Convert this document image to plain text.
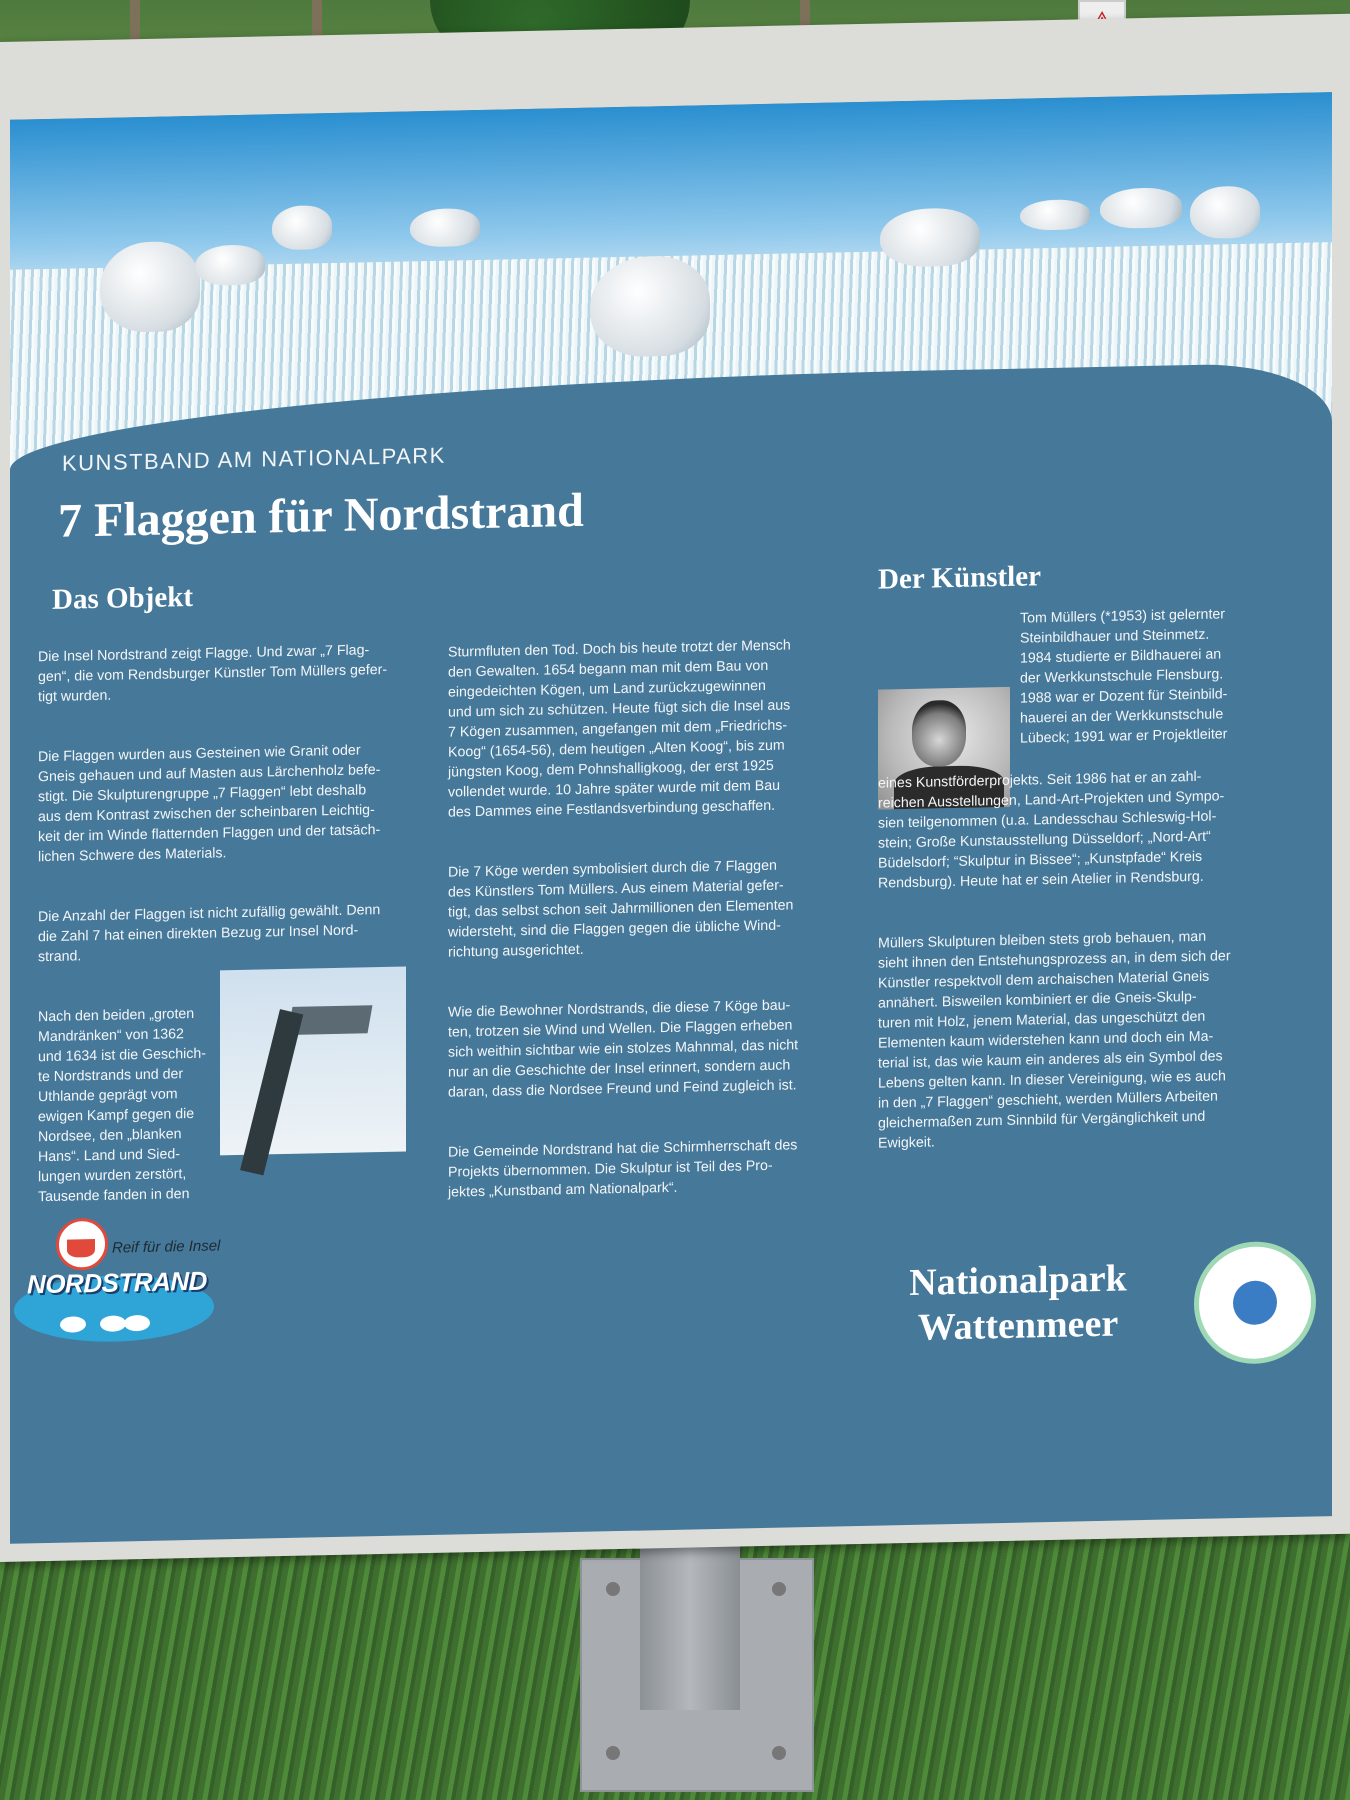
KUNSTBAND AM NATIONALPARK
7 Flaggen für Nordstrand
Das Objekt
Der Künstler

Die Insel Nordstrand zeigt Flagge. Und zwar „7 Flag-
gen“, die vom Rendsburger Künstler Tom Müllers gefer-
tigt wurden.

Die Flaggen wurden aus Gesteinen wie Granit oder
Gneis gehauen und auf Masten aus Lärchenholz befe-
stigt. Die Skulpturengruppe „7 Flaggen“ lebt deshalb
aus dem Kontrast zwischen der scheinbaren Leichtig-
keit der im Winde flatternden Flaggen und der tatsäch-
lichen Schwere des Materials.

Die Anzahl der Flaggen ist nicht zufällig gewählt. Denn
die Zahl 7 hat einen direkten Bezug zur Insel Nord-
strand.

Nach den beiden „groten
Mandränken“ von 1362
und 1634 ist die Geschich-
te Nordstrands und der
Uthlande geprägt vom
ewigen Kampf gegen die
Nordsee, den „blanken
Hans“. Land und Sied-
lungen wurden zerstört,
Tausende fanden in den

Sturmfluten den Tod. Doch bis heute trotzt der Mensch
den Gewalten. 1654 begann man mit dem Bau von
eingedeichten Kögen, um Land zurückzugewinnen
und um sich zu schützen. Heute fügt sich die Insel aus
7 Kögen zusammen, angefangen mit dem „Friedrichs-
Koog“ (1654-56), dem heutigen „Alten Koog“, bis zum
jüngsten Koog, dem Pohnshalligkoog, der erst 1925
vollendet wurde. 10 Jahre später wurde mit dem Bau
des Dammes eine Festlandsverbindung geschaffen.

Die 7 Köge werden symbolisiert durch die 7 Flaggen
des Künstlers Tom Müllers. Aus einem Material gefer-
tigt, das selbst schon seit Jahrmillionen den Elementen
widersteht, sind die Flaggen gegen die übliche Wind-
richtung ausgerichtet.

Wie die Bewohner Nordstrands, die diese 7 Köge bau-
ten, trotzen sie Wind und Wellen. Die Flaggen erheben
sich weithin sichtbar wie ein stolzes Mahnmal, das nicht
nur an die Geschichte der Insel erinnert, sondern auch
daran, dass die Nordsee Freund und Feind zugleich ist.

Die Gemeinde Nordstrand hat die Schirmherrschaft des
Projekts übernommen. Die Skulptur ist Teil des Pro-
jektes „Kunstband am Nationalpark“.

Tom Müllers (*1953) ist gelernter
Steinbildhauer und Steinmetz.
1984 studierte er Bildhauerei an
der Werkkunstschule Flensburg.
1988 war er Dozent für Steinbild-
hauerei an der Werkkunstschule
Lübeck; 1991 war er Projektleiter

eines Kunstförderprojekts. Seit 1986 hat er an zahl-
reichen Ausstellungen, Land-Art-Projekten und Sympo-
sien teilgenommen (u.a. Landesschau Schleswig-Hol-
stein; Große Kunstausstellung Düsseldorf; „Nord-Art“
Büdelsdorf; “Skulptur in Bissee“; „Kunstpfade“ Kreis
Rendsburg). Heute hat er sein Atelier in Rendsburg.

Müllers Skulpturen bleiben stets grob behauen, man
sieht ihnen den Entstehungsprozess an, in dem sich der
Künstler respektvoll dem archaischen Material Gneis
annähert. Bisweilen kombiniert er die Gneis-Skulp-
turen mit Holz, jenem Material, das ungeschützt den
Elementen kaum widerstehen kann und doch ein Ma-
terial ist, das wie kaum ein anderes als ein Symbol des
Lebens gelten kann. In dieser Vereinigung, wie es auch
in den „7 Flaggen“ geschieht, werden Müllers Arbeiten
gleichermaßen zum Sinnbild für Vergänglichkeit und
Ewigkeit.

Reif für die Insel
NORDSTRAND	Nationalpark
Wattenmeer
